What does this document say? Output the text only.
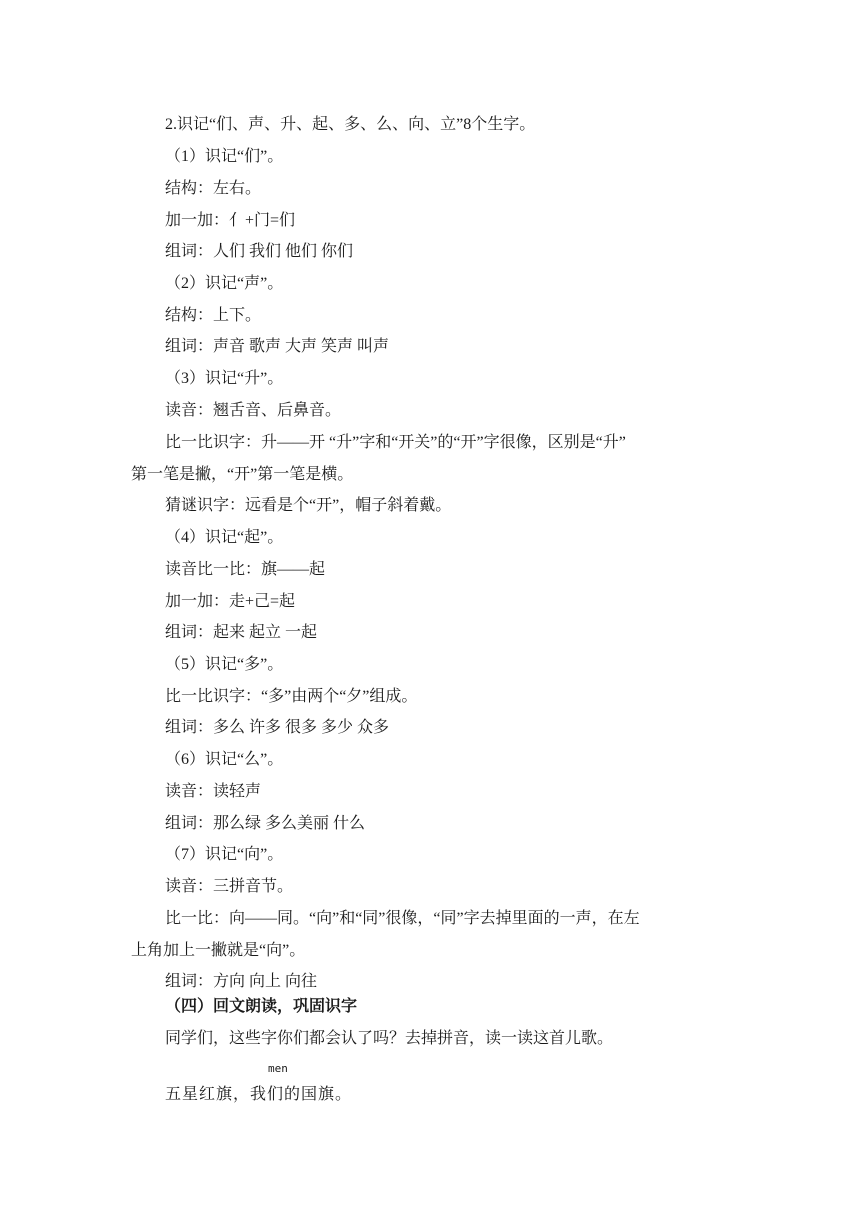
2.识记“们、声、升、起、多、么、向、立”8个生字。
（1）识记“们”。
结构：左右。
加一加：亻+门=们
组词：人们 我们 他们 你们
（2）识记“声”。
结构：上下。
组词：声音 歌声 大声 笑声 叫声
（3）识记“升”。
读音：翘舌音、后鼻音。
比一比识字：升——开 “升”字和“开关”的“开”字很像，区别是“升”
第一笔是撇，“开”第一笔是横。
猜谜识字：远看是个“开”，帽子斜着戴。
（4）识记“起”。
读音比一比：旗——起
加一加：走+己=起
组词：起来 起立 一起
（5）识记“多”。
比一比识字：“多”由两个“夕”组成。
组词：多么 许多 很多 多少 众多
（6）识记“么”。
读音：读轻声
组词：那么绿 多么美丽 什么
（7）识记“向”。
读音：三拼音节。
比一比：向——同。“向”和“同”很像，“同”字去掉里面的一声，在左
上角加上一撇就是“向”。
组词：方向 向上 向往
（四）回文朗读，巩固识字
同学们，这些字你们都会认了吗？去掉拼音，读一读这首儿歌。
men
五星红旗，我们的国旗。
